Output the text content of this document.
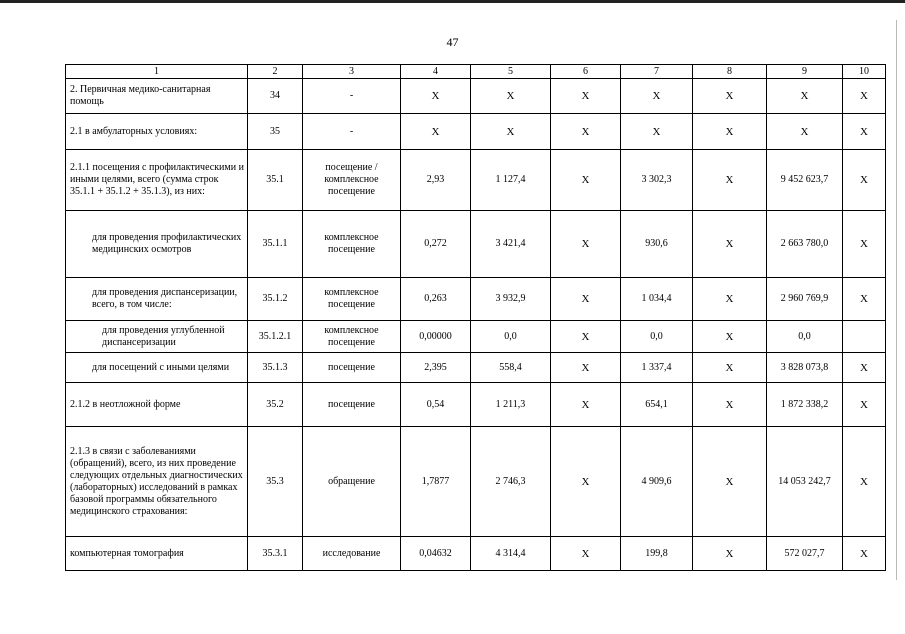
47
1	2	3	4	5	6	7	8	9	10
2. Первичная медико-санитарная помощь	34	-	X	X	X	X	X	X	X
2.1 в амбулаторных условиях:	35	-	X	X	X	X	X	X	X
2.1.1 посещения с профилактическими и иными целями, всего (сумма строк 35.1.1 + 35.1.2 + 35.1.3), из них:	35.1	посещение / комплексное посещение	2,93	1 127,4	X	3 302,3	X	9 452 623,7	X
для проведения профилактических медицинских осмотров	35.1.1	комплексное посещение	0,272	3 421,4	X	930,6	X	2 663 780,0	X
для проведения диспансеризации, всего, в том числе:	35.1.2	комплексное посещение	0,263	3 932,9	X	1 034,4	X	2 960 769,9	X
для проведения углубленной диспансеризации	35.1.2.1	комплексное посещение	0,00000	0,0	X	0,0	X	0,0	
для посещений с иными целями	35.1.3	посещение	2,395	558,4	X	1 337,4	X	3 828 073,8	X
2.1.2 в неотложной форме	35.2	посещение	0,54	1 211,3	X	654,1	X	1 872 338,2	X
2.1.3 в связи с заболеваниями (обращений), всего, из них проведение следующих отдельных диагностических (лабораторных) исследований в рамках базовой программы обязательного медицинского страхования:	35.3	обращение	1,7877	2 746,3	X	4 909,6	X	14 053 242,7	X
компьютерная томография	35.3.1	исследование	0,04632	4 314,4	X	199,8	X	572 027,7	X
